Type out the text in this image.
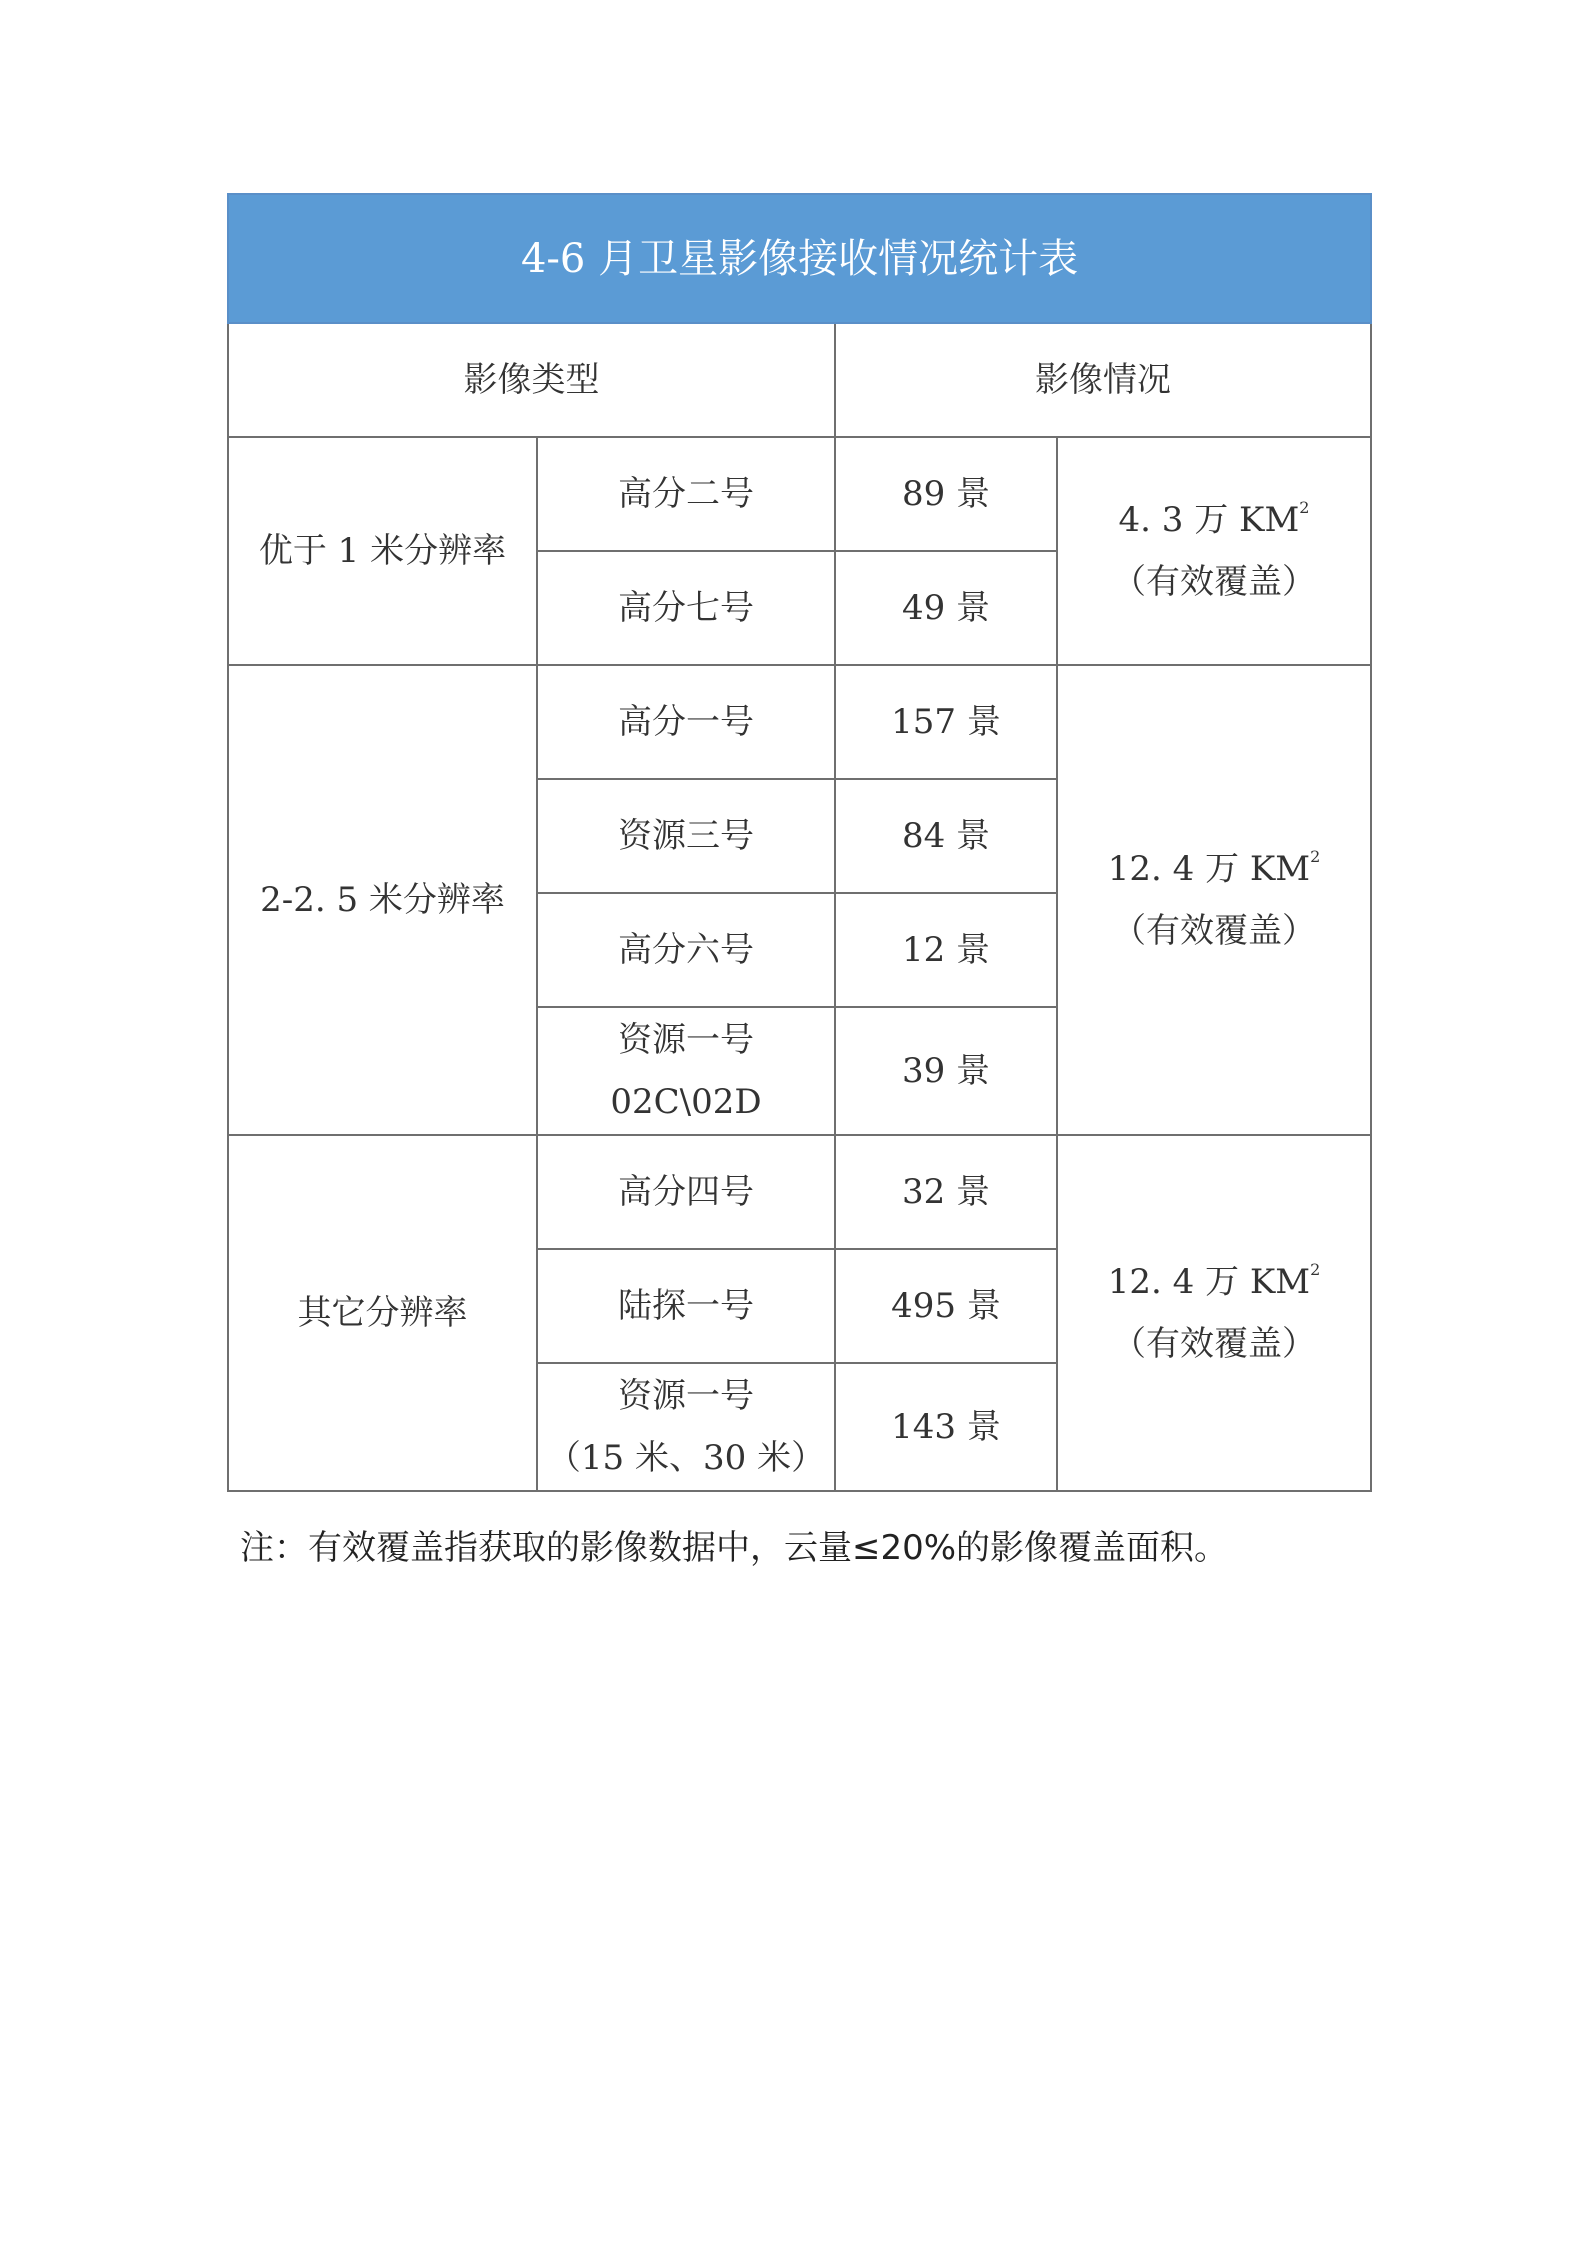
4-6 月卫星影像接收情况统计表			
影像类型		影像情况	
优于 1 米分辨率	高分二号	89 景	4. 3 万 $KM^2$
（有效覆盖）

	高分七号	49 景	
2-2. 5 米分辨率	高分一号	157 景	12. 4 万 $KM^2$
（有效覆盖）

	资源三号	84 景	
	高分六号	12 景	

	资源一号
02C\02D	39 景	
其它分辨率	高分四号	32 景	12. 4 万 $KM^2$
（有效覆盖）

	陆探一号	495 景	

	资源一号
（15 米、30 米）	143 景	
注：有效覆盖指获取的影像数据中，云量≤20%的影像覆盖面积。
